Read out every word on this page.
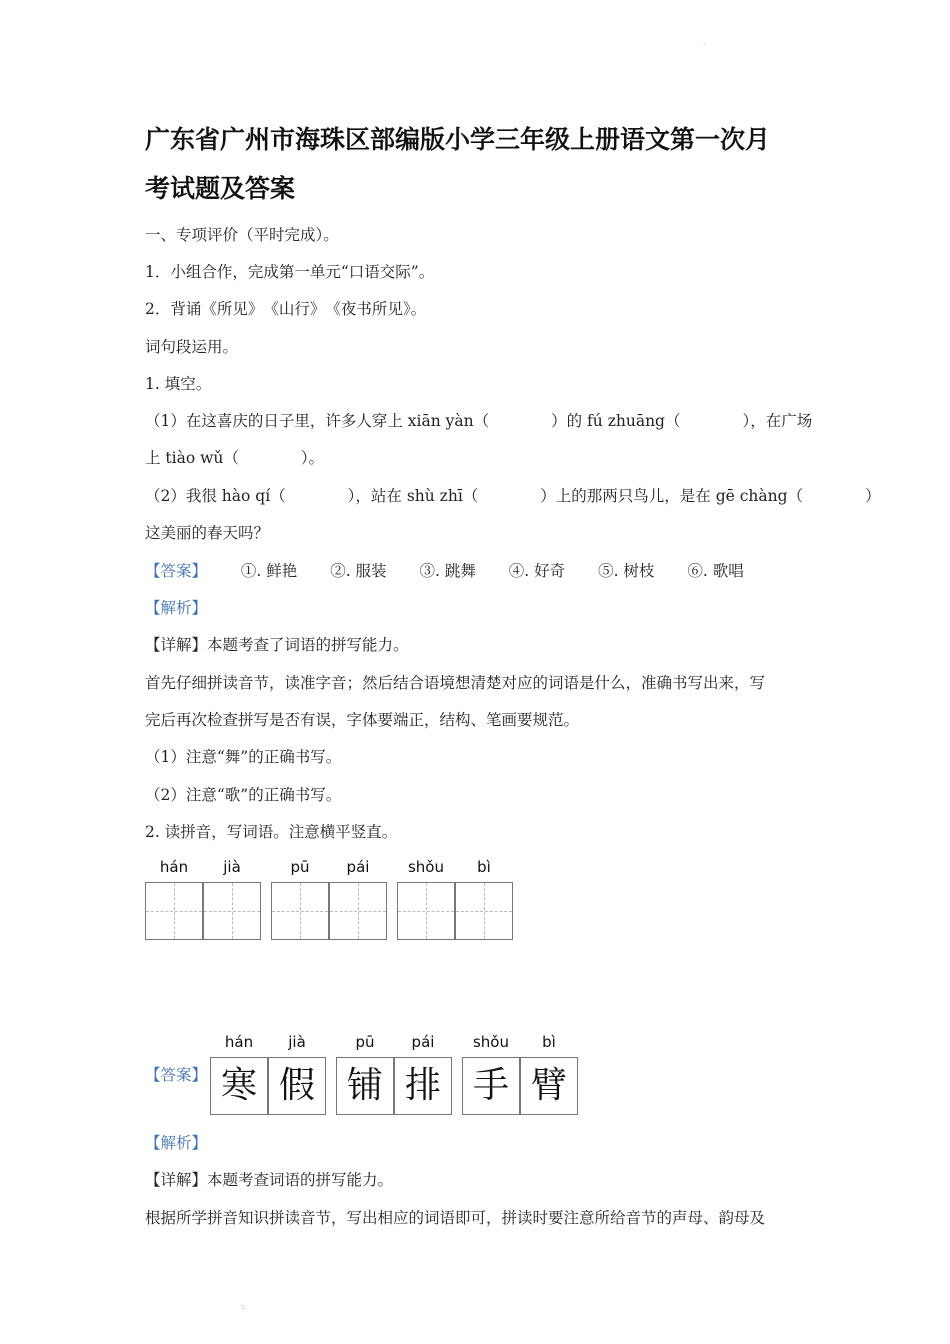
·
广东省广州市海珠区部编版小学三年级上册语文第一次月
考试题及答案
一、专项评价（平时完成）。
1．小组合作，完成第一单元“口语交际”。
2．背诵《所见》　《山行》　《夜书所见》。
词句段运用。
1. 填空。
（1）在这喜庆的日子里，许多人穿上 xiān yàn（	）的 fú zhuāng（	），在广场
上 tiào wǔ（	）。
（2）我很 hào qí（	），站在 shù zhī（	）上的那两只鸟儿，是在 gē chàng（	）
这美丽的春天吗？
【答案】 ①. 鲜艳 ②. 服装 ③. 跳舞 ④. 好奇 ⑤. 树枝 ⑥. 歌唱
【解析】
【详解】本题考查了词语的拼写能力。
首先仔细拼读音节，读准字音；然后结合语境想清楚对应的词语是什么，准确书写出来，写
完后再次检查拼写是否有误，字体要端正，结构、笔画要规范。
（1）注意“舞”的正确书写。
（2）注意“歌”的正确书写。
2. 读拼音，写词语。注意横平竖直。
hán	jià	pū	pái	shǒu	bì
【答案】
hán	jià	pū	pái	shǒu	bì
寒 假 铺 排 手 臂
【解析】
【详解】本题考查词语的拼写能力。
根据所学拼音知识拼读音节，写出相应的词语即可，拼读时要注意所给音节的声母、韵母及
·:
